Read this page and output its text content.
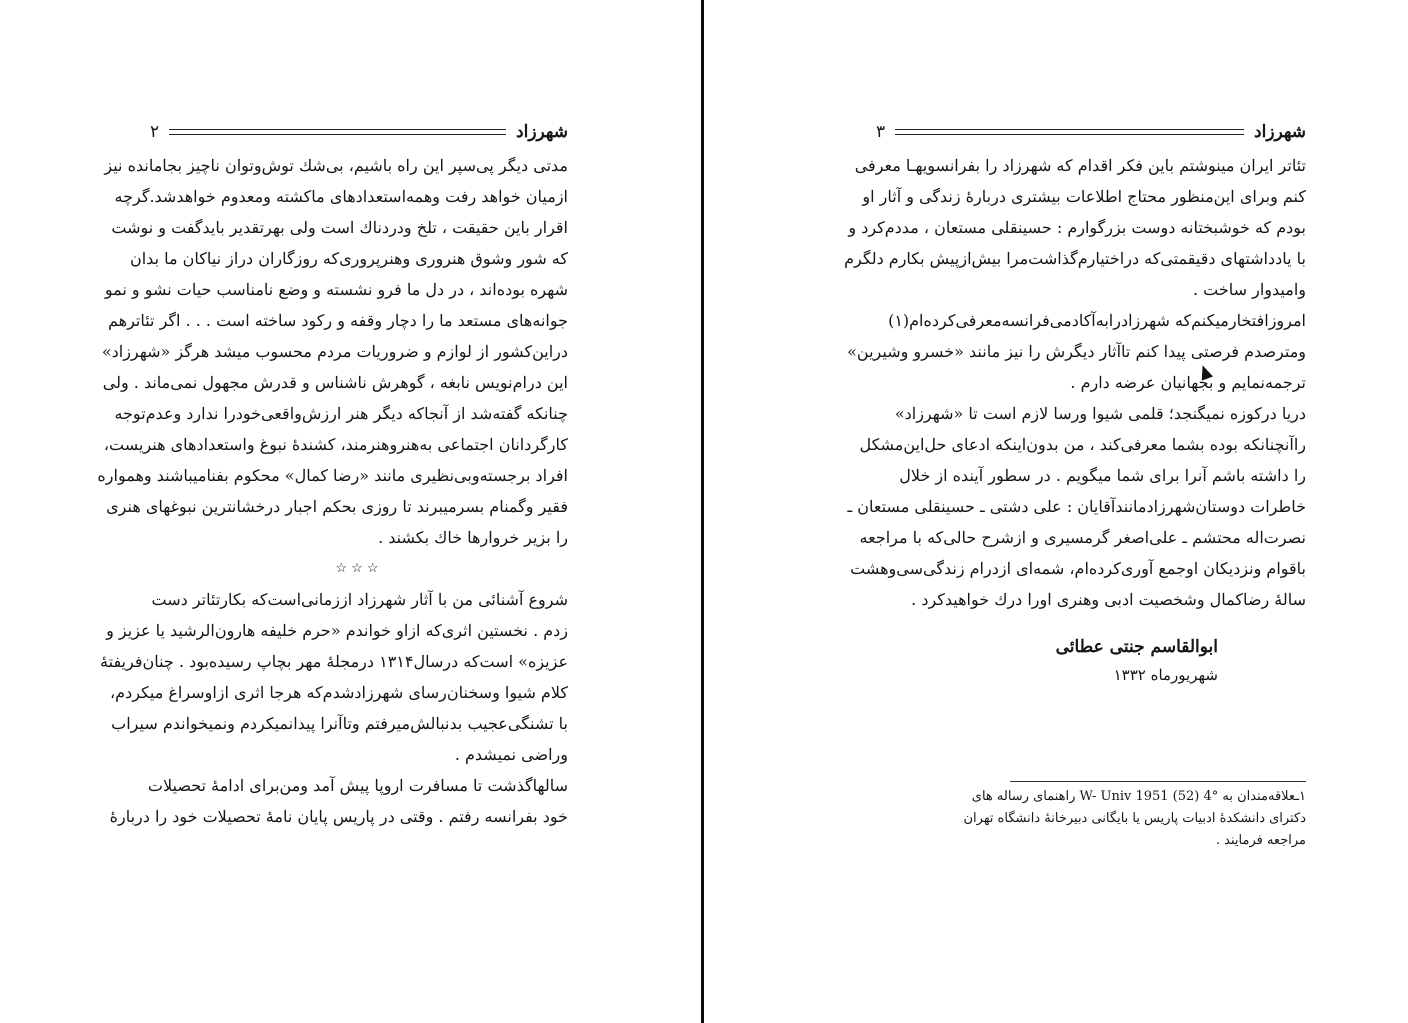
شهرزاد
۲
مدتی دیگر پی‌سپر این راه باشیم، بی‌شك توش‌وتوان ناچیز بجامانده نیز
ازمیان خواهد رفت وهمه‌استعدادهای ماکشته ومعدوم خواهدشد.گرچه
اقرار باین حقیقت ، تلخ ودردناك است ولی بهرتقدیر بایدگفت و نوشت
که شور وشوق هنروری وهنرپروری‌که روزگاران دراز نیاکان ما بدان
شهره بوده‌اند ، در دل ما فرو نشسته و وضع نامناسب حیات نشو و نمو
جوانه‌های مستعد ما را دچار وقفه و رکود ساخته است . . . اگر تئاترهم
دراین‌کشور از لوازم و ضروریات مردم محسوب میشد هرگز «شهرزاد»
این درام‌نویس نابغه ، گوهرش ناشناس و قدرش مجهول نمی‌ماند . ولی
چنانکه گفته‌شد از آنجاکه دیگر هنر ارزش‌واقعی‌خودرا ندارد وعدم‌توجه
کارگردانان اجتماعی به‌هنروهنرمند، کشندهٔ نبوغ واستعدادهای هنریست،
افراد برجسته‌وبی‌نظیری مانند «رضا کمال» محکوم بفنامیباشند وهمواره
فقیر وگمنام بسرمیبرند تا روزی بحکم اجبار درخشانترین نبوغهای هنری
را بزیر خروارها خاك بکشند .
☆☆☆
شروع آشنائی من با آثار شهرزاد اززمانی‌است‌که بکارتئاتر دست
زدم . نخستین اثری‌که ازاو خواندم «حرم خلیفه هارون‌الرشید یا عزیز و
عزیزه» است‌که درسال۱۳۱۴ درمجلهٔ مهر بچاپ رسیده‌بود . چنان‌فریفتهٔ
کلام شیوا وسخنان‌رسای شهرزادشدم‌که هرجا اثری ازاوسراغ میکردم،
با تشنگی‌عجیب بدنبالش‌میرفتم وتاآنرا پیدانمیکردم ونمیخواندم سیراب
وراضی نمیشدم .
سالهاگذشت تا مسافرت اروپا پیش آمد ومن‌برای ادامهٔ تحصیلات
خود بفرانسه رفتم . وقتی در پاریس پایان نامهٔ تحصیلات خود را دربارهٔ
شهرزاد
۳
تئاتر ایران مینوشتم باین فکر اقدام که شهرزاد را بفرانسویهـا معرفی
کنم وبرای این‌منظور محتاج اطلاعات بیشتری دربارهٔ زندگی و آثار او
بودم که خوشبختانه دوست بزرگوارم : حسینقلی مستعان ، مددم‌کرد و
با یادداشتهای دقیقمتی‌که دراختیارم‌گذاشت‌مرا بیش‌ازپیش بکارم دلگرم
وامیدوار ساخت .
امروزافتخارمیکنم‌که شهرزادرابه‌آکادمی‌فرانسه‌معرفی‌کرده‌ام(۱)
ومترصدم فرصتی پیدا کنم تاآثار دیگرش را نیز مانند «خسرو وشیرین»
ترجمه‌نمایم و بجهانیان عرضه دارم .
دریا درکوزه نمیگنجد؛ قلمی شیوا ورسا لازم است تا «شهرزاد»
راآنچنانکه بوده بشما معرفی‌کند ، من بدون‌اینکه ادعای حل‌این‌مشکل
را داشته باشم آنرا برای شما میگویم . در سطور آینده از خلال
خاطرات دوستان‌شهرزادمانند‌آقایان : علی دشتی ـ حسینقلی مستعان ـ
نصرت‌اله محتشم ـ علی‌اصغر گرمسیری و ازشرح حالی‌که با مراجعه
باقوام ونزدیکان اوجمع آوری‌کرده‌ام، شمه‌ای ازدرام زندگی‌سی‌وهشت
سالهٔ رضاکمال وشخصیت ادبی وهنری اورا درك خواهیدکرد .
ابوالقاسم جنتی عطائی
شهریورماه ۱۳۳۲
۱ـعلاقه‌مندان به W- Univ 1951 (52) 4° راهنمای رساله های
دکترای دانشکدهٔ ادبیات پاریس یا بایگانی دبیرخانهٔ دانشگاه تهران
مراجعه فرمایند .
